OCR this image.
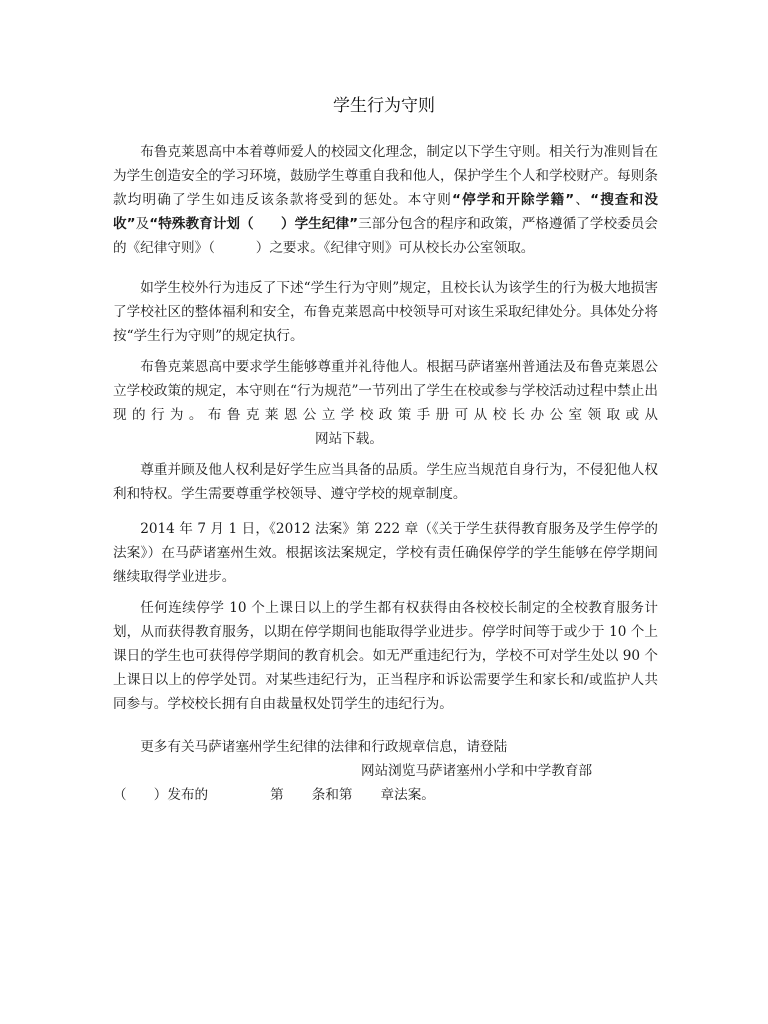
学生行为守则
布鲁克莱恩高中本着尊师爱人的校园文化理念，制定以下学生守则。相关行为准则旨在为学生创造安全的学习环境，鼓励学生尊重自我和他人，保护学生个人和学校财产。每则条款均明确了学生如违反该条款将受到的惩处。本守则“停学和开除学籍”、“搜查和没收”及“特殊教育计划（　　）学生纪律”三部分包含的程序和政策，严格遵循了学校委员会的《纪律守则》（　　　）之要求。《纪律守则》可从校长办公室领取。
如学生校外行为违反了下述“学生行为守则”规定，且校长认为该学生的行为极大地损害了学校社区的整体福利和安全，布鲁克莱恩高中校领导可对该生采取纪律处分。具体处分将按“学生行为守则”的规定执行。
布鲁克莱恩高中要求学生能够尊重并礼待他人。根据马萨诸塞州普通法及布鲁克莱恩公立学校政策的规定，本守则在“行为规范”一节列出了学生在校或参与学校活动过程中禁止出现的行为。布鲁克莱恩公立学校政策手册可从校长办公室领取或从网站下载。
尊重并顾及他人权利是好学生应当具备的品质。学生应当规范自身行为，不侵犯他人权利和特权。学生需要尊重学校领导、遵守学校的规章制度。
2014 年 7 月 1 日，《2012 法案》第 222 章（《关于学生获得教育服务及学生停学的法案》）在马萨诸塞州生效。根据该法案规定，学校有责任确保停学的学生能够在停学期间继续取得学业进步。
任何连续停学 10 个上课日以上的学生都有权获得由各校校长制定的全校教育服务计划，从而获得教育服务，以期在停学期间也能取得学业进步。停学时间等于或少于 10 个上课日的学生也可获得停学期间的教育机会。如无严重违纪行为，学校不可对学生处以 90 个上课日以上的停学处罚。对某些违纪行为，正当程序和诉讼需要学生和家长和/或监护人共同参与。学校校长拥有自由裁量权处罚学生的违纪行为。
更多有关马萨诸塞州学生纪律的法律和行政规章信息，请登陆
网站浏览马萨诸塞州小学和中学教育部
（　　）发布的	第 条和第 章法案。
